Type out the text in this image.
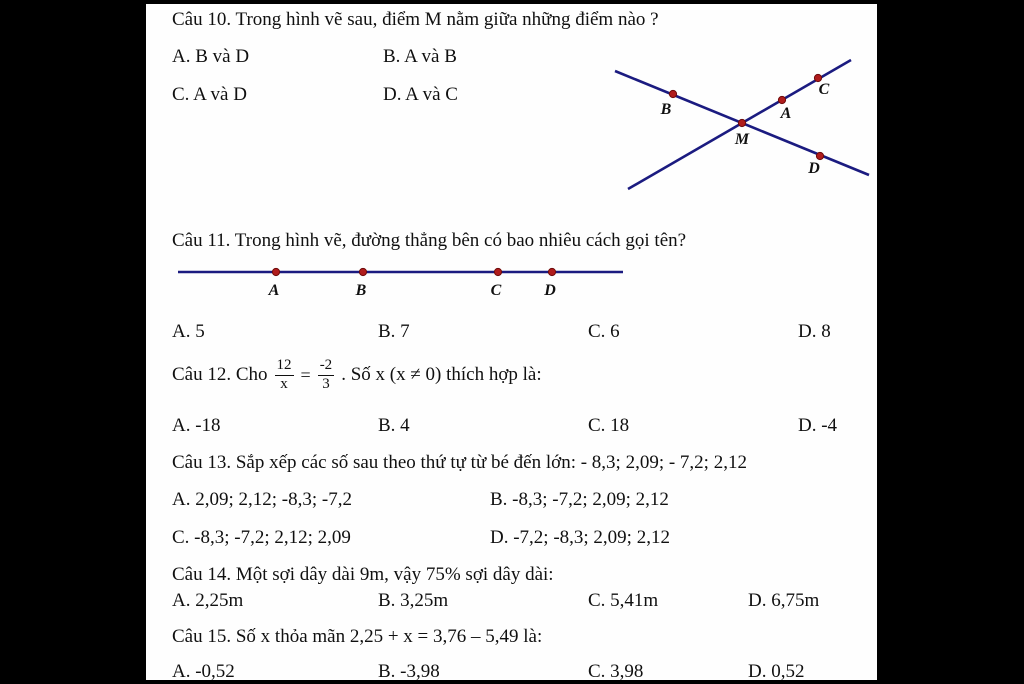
Câu 10. Trong hình vẽ sau, điểm M nằm giữa những điểm nào ?
A. B và D	B. A và B
C. A và D	D. A và C
B
M
A
C
D
Câu 11. Trong hình vẽ, đường thẳng bên có bao nhiêu cách gọi tên?
A	B	C	D
A. 5	B. 7	C. 6	D. 8
Câu 12. Cho $\frac{12}{x} = \frac{-2}{3}$ . Số x (x ≠ 0) thích hợp là:
A. -18	B. 4	C. 18	D. -4
Câu 13. Sắp xếp các số sau theo thứ tự từ bé đến lớn: - 8,3; 2,09; - 7,2; 2,12
A. 2,09; 2,12; -8,3; -7,2	B. -8,3; -7,2; 2,09; 2,12
C. -8,3; -7,2; 2,12; 2,09	D. -7,2; -8,3; 2,09; 2,12
Câu 14. Một sợi dây dài 9m, vậy 75% sợi dây dài:
A. 2,25m	B. 3,25m	C. 5,41m	D. 6,75m
Câu 15. Số x thỏa mãn 2,25 + x = 3,76 – 5,49 là:
A. -0,52	B. -3,98	C. 3,98	D. 0,52
